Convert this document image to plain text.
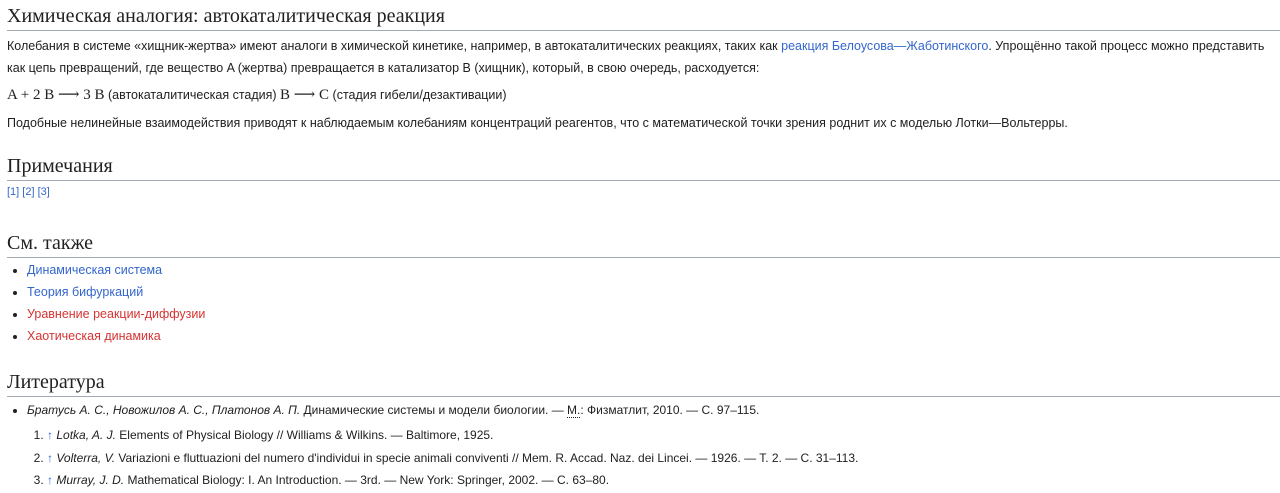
Химическая аналогия: автокаталитическая реакция

Колебания в системе «хищник-жертва» имеют аналоги в химической кинетике, например, в автокаталитических реакциях, таких как реакция Белоусова—Жаботинского. Упрощённо такой процесс можно представить как цепь превращений, где вещество A (жертва) превращается в катализатор B (хищник), который, в свою очередь, расходуется:

A + 2 B ⟶ 3 B (автокаталитическая стадия) B ⟶ C (стадия гибели/дезактивации)

Подобные нелинейные взаимодействия приводят к наблюдаемым колебаниям концентраций реагентов, что с математической точки зрения роднит их с моделью Лотки—Вольтерры.

Примечания
[1] [2] [3]
См. также
• Динамическая система
• Теория бифуркаций
• Уравнение реакции-диффузии
• Хаотическая динамика
Литература
• Братусь А. С., Новожилов А. С., Платонов А. П. Динамические системы и модели биологии. — М.: Физматлит, 2010. — С. 97–115.
1. ↑ Lotka, A. J. Elements of Physical Biology // Williams & Wilkins. — Baltimore, 1925.
2. ↑ Volterra, V. Variazioni e fluttuazioni del numero d'individui in specie animali conviventi // Mem. R. Accad. Naz. dei Lincei. — 1926. — T. 2. — C. 31–113.
3. ↑ Murray, J. D. Mathematical Biology: I. An Introduction. — 3rd. — New York: Springer, 2002. — C. 63–80.
